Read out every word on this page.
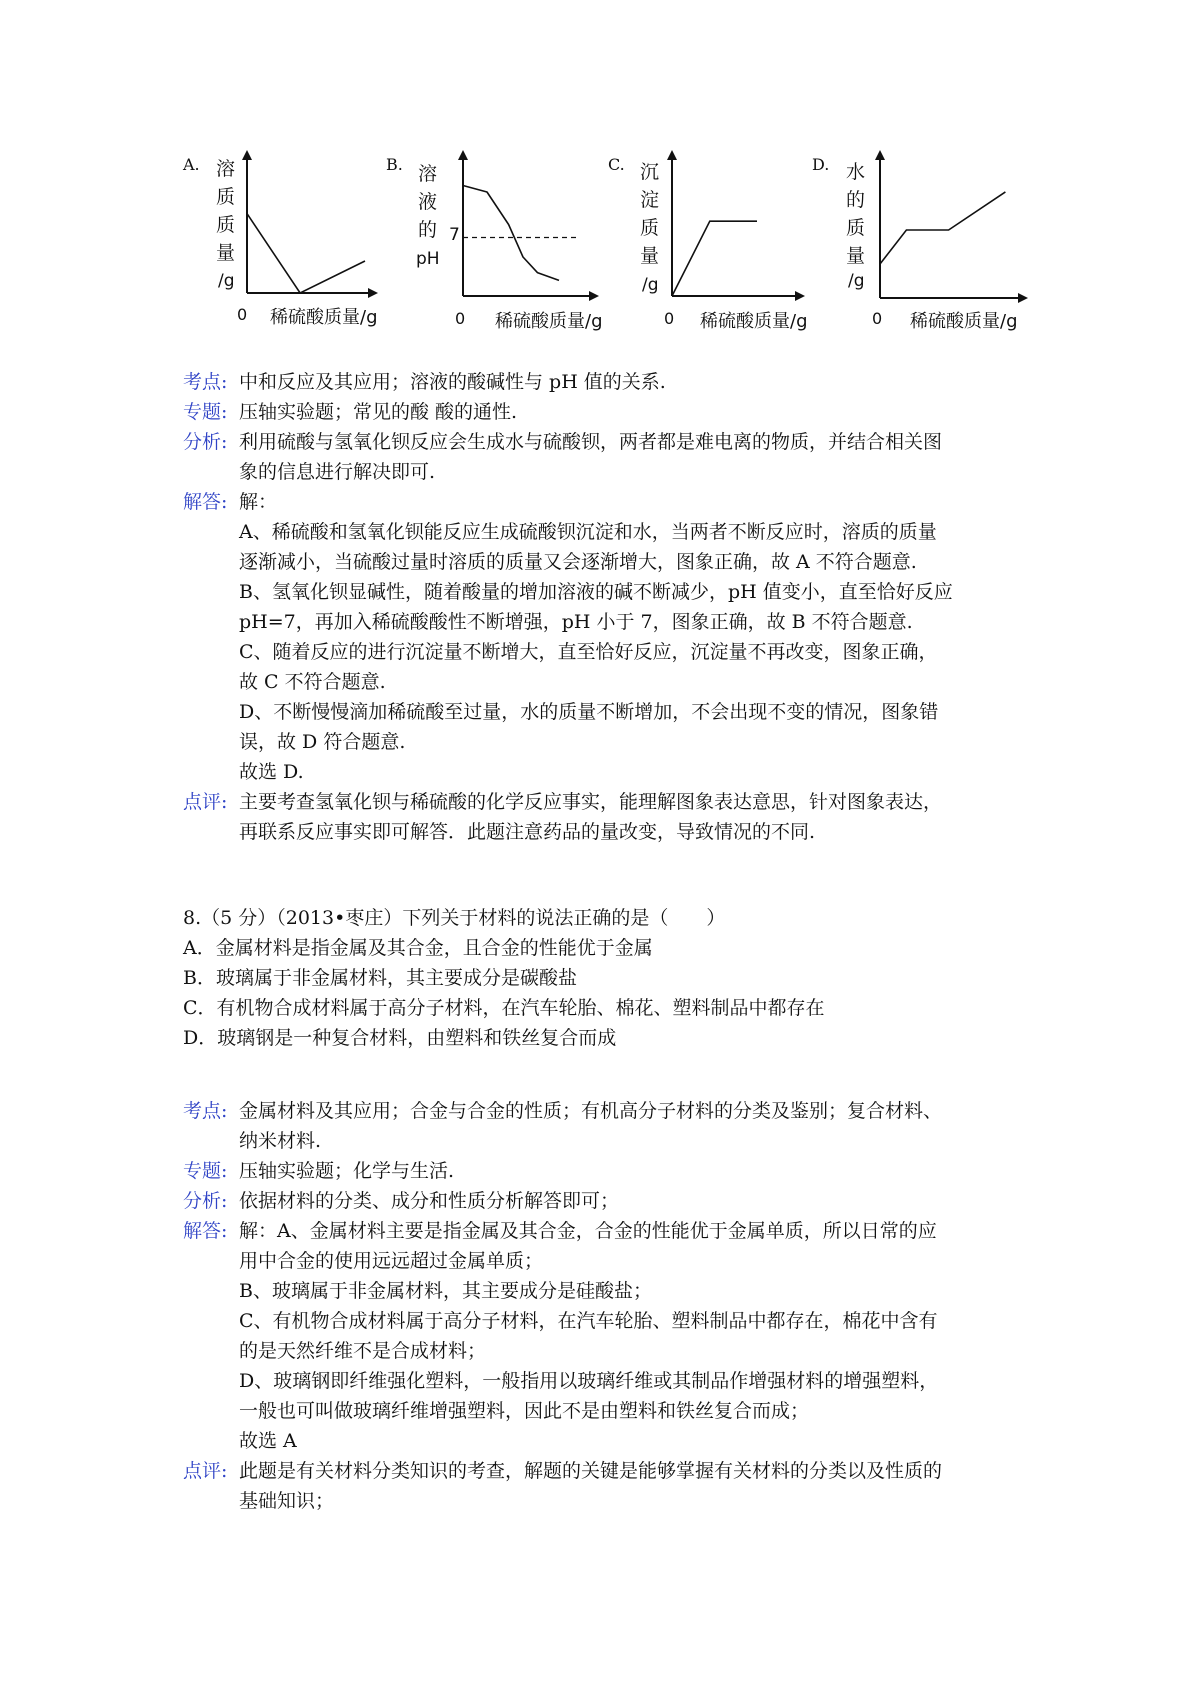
A. 溶
质
质
量
/g
0 稀硫酸质量/g
B. 溶
液
的
pH
7
0 稀硫酸质量/g
C. 沉
淀
质
量
/g
0 稀硫酸质量/g
D. 水
的
质
量
/g
0 稀硫酸质量/g
考点: 中和反应及其应用；溶液的酸碱性与 pH 值的关系.
专题: 压轴实验题；常见的酸 酸的通性.
分析: 利用硫酸与氢氧化钡反应会生成水与硫酸钡，两者都是难电离的物质，并结合相关图
象的信息进行解决即可.
解答: 解：
A、稀硫酸和氢氧化钡能反应生成硫酸钡沉淀和水，当两者不断反应时，溶质的质量
逐渐减小，当硫酸过量时溶质的质量又会逐渐增大，图象正确，故 A 不符合题意.
B、氢氧化钡显碱性，随着酸量的增加溶液的碱不断减少，pH 值变小，直至恰好反应
pH=7，再加入稀硫酸酸性不断增强，pH 小于 7，图象正确，故 B 不符合题意.
C、随着反应的进行沉淀量不断增大，直至恰好反应，沉淀量不再改变，图象正确，
故 C 不符合题意.
D、不断慢慢滴加稀硫酸至过量，水的质量不断增加，不会出现不变的情况，图象错
误，故 D 符合题意.
故选 D.
点评: 主要考查氢氧化钡与稀硫酸的化学反应事实，能理解图象表达意思，针对图象表达，
再联系反应事实即可解答．此题注意药品的量改变，导致情况的不同.

8.（5 分）（2013•枣庄）下列关于材料的说法正确的是（　　）

A．金属材料是指金属及其合金，且合金的性能优于金属

B．玻璃属于非金属材料，其主要成分是碳酸盐

C．有机物合成材料属于高分子材料，在汽车轮胎、棉花、塑料制品中都存在

D．玻璃钢是一种复合材料，由塑料和铁丝复合而成

考点: 金属材料及其应用；合金与合金的性质；有机高分子材料的分类及鉴别；复合材料、
纳米材料.
专题: 压轴实验题；化学与生活.
分析: 依据材料的分类、成分和性质分析解答即可；
解答: 解：A、金属材料主要是指金属及其合金，合金的性能优于金属单质，所以日常的应
用中合金的使用远远超过金属单质；
B、玻璃属于非金属材料，其主要成分是硅酸盐；
C、有机物合成材料属于高分子材料，在汽车轮胎、塑料制品中都存在，棉花中含有
的是天然纤维不是合成材料；
D、玻璃钢即纤维强化塑料，一般指用以玻璃纤维或其制品作增强材料的增强塑料，
一般也可叫做玻璃纤维增强塑料，因此不是由塑料和铁丝复合而成；
故选 A
点评: 此题是有关材料分类知识的考查，解题的关键是能够掌握有关材料的分类以及性质的
基础知识；
